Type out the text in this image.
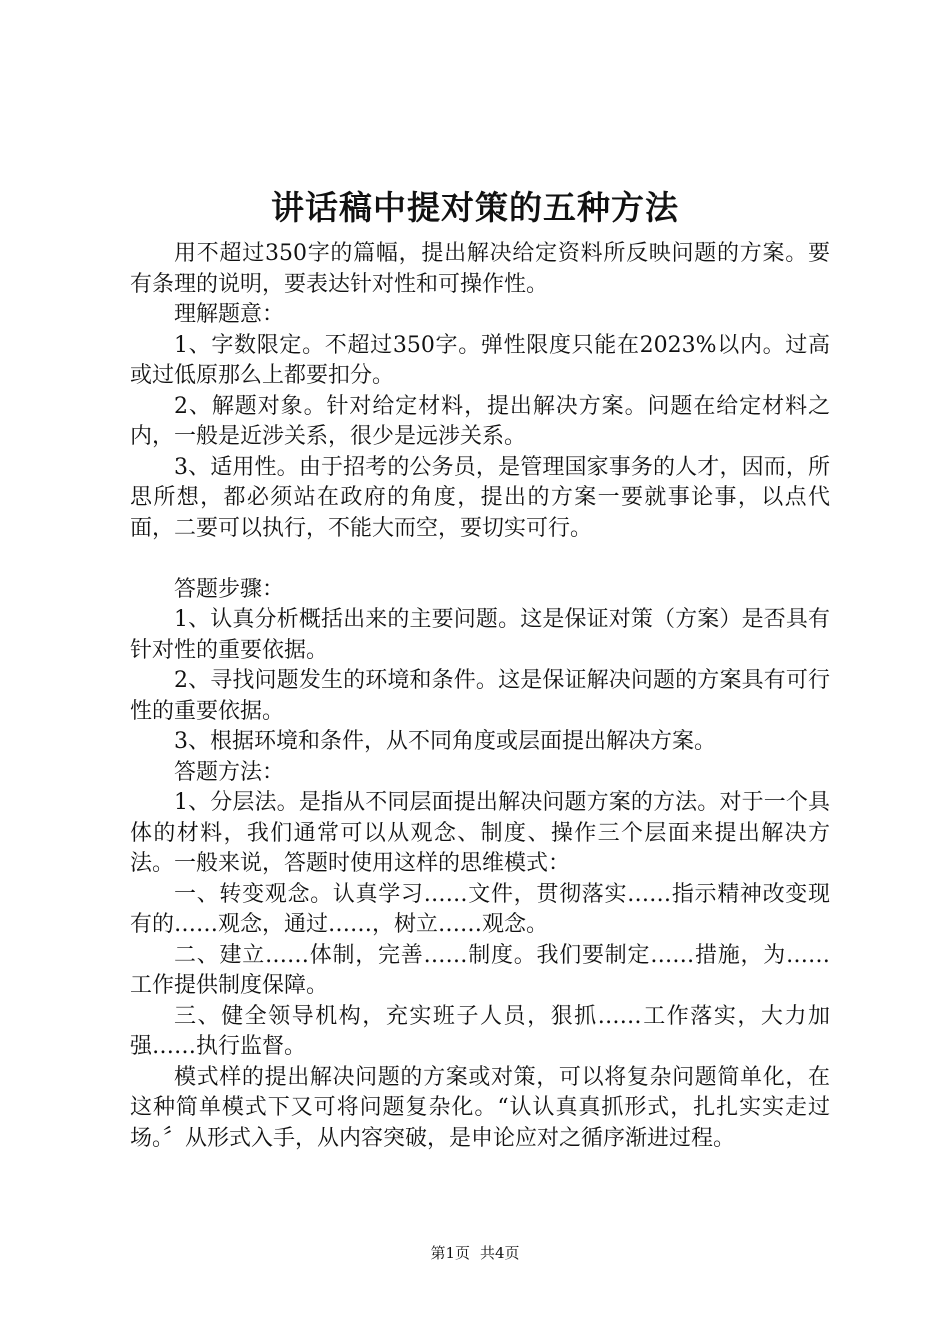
讲话稿中提对策的五种方法

用不超过350字的篇幅，提出解决给定资料所反映问题的方案。要有条理的说明，要表达针对性和可操作性。

理解题意：

1、字数限定。不超过350字。弹性限度只能在2023%以内。过高或过低原那么上都要扣分。

2、解题对象。针对给定材料，提出解决方案。问题在给定材料之内，一般是近涉关系，很少是远涉关系。

3、适用性。由于招考的公务员，是管理国家事务的人才，因而，所思所想，都必须站在政府的角度，提出的方案一要就事论事，以点代面，二要可以执行，不能大而空，要切实可行。

答题步骤：

1、认真分析概括出来的主要问题。这是保证对策（方案）是否具有针对性的重要依据。

2、寻找问题发生的环境和条件。这是保证解决问题的方案具有可行性的重要依据。

3、根据环境和条件，从不同角度或层面提出解决方案。

答题方法：

1、分层法。是指从不同层面提出解决问题方案的方法。对于一个具体的材料，我们通常可以从观念、制度、操作三个层面来提出解决方法。一般来说，答题时使用这样的思维模式：

一、转变观念。认真学习……文件，贯彻落实……指示精神改变现有的……观念，通过……，树立……观念。

二、建立……体制，完善……制度。我们要制定……措施，为……工作提供制度保障。

三、健全领导机构，充实班子人员，狠抓……工作落实，大力加强……执行监督。

模式样的提出解决问题的方案或对策，可以将复杂问题简单化，在这种简单模式下又可将问题复杂化。“认认真真抓形式，扎扎实实走过场。〞从形式入手，从内容突破，是申论应对之循序渐进过程。

第1页 共4页
